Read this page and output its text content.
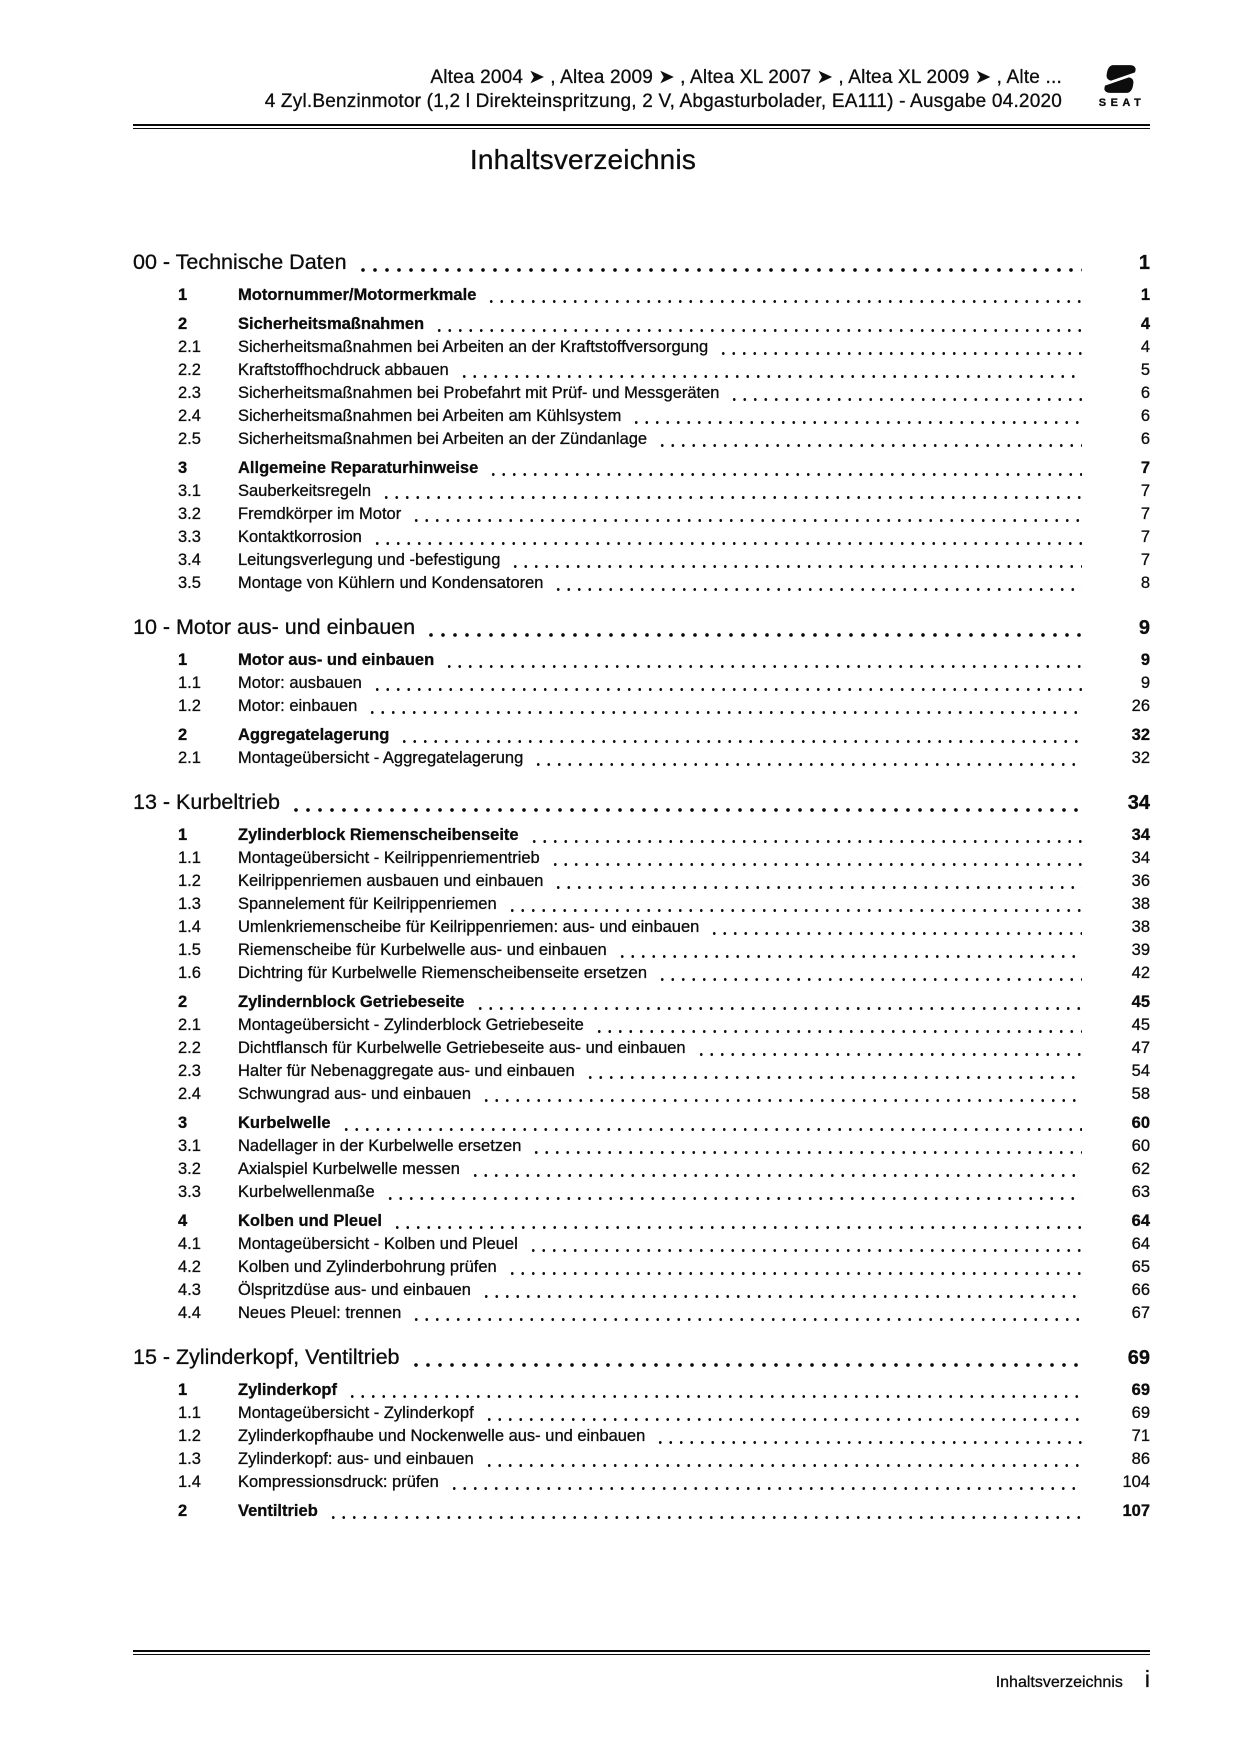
Altea 2004 ➤ , Altea 2009 ➤ , Altea XL 2007 ➤ , Altea XL 2009 ➤ , Alte ...
4 Zyl.Benzinmotor (1,2 l Direkteinspritzung, 2 V, Abgasturbolader, EA111) - Ausgabe 04.2020	SEAT
Inhaltsverzeichnis
00 - Technische Daten	1
1	Motornummer/Motormerkmale	1
2	Sicherheitsmaßnahmen	4
2.1	Sicherheitsmaßnahmen bei Arbeiten an der Kraftstoffversorgung	4
2.2	Kraftstoffhochdruck abbauen	5
2.3	Sicherheitsmaßnahmen bei Probefahrt mit Prüf- und Messgeräten	6
2.4	Sicherheitsmaßnahmen bei Arbeiten am Kühlsystem	6
2.5	Sicherheitsmaßnahmen bei Arbeiten an der Zündanlage	6
3	Allgemeine Reparaturhinweise	7
3.1	Sauberkeitsregeln	7
3.2	Fremdkörper im Motor	7
3.3	Kontaktkorrosion	7
3.4	Leitungsverlegung und -befestigung	7
3.5	Montage von Kühlern und Kondensatoren	8
10 - Motor aus- und einbauen	9
1	Motor aus- und einbauen	9
1.1	Motor: ausbauen	9
1.2	Motor: einbauen	26
2	Aggregatelagerung	32
2.1	Montageübersicht - Aggregatelagerung	32
13 - Kurbeltrieb	34
1	Zylinderblock Riemenscheibenseite	34
1.1	Montageübersicht - Keilrippenriementrieb	34
1.2	Keilrippenriemen ausbauen und einbauen	36
1.3	Spannelement für Keilrippenriemen	38
1.4	Umlenkriemenscheibe für Keilrippenriemen: aus- und einbauen	38
1.5	Riemenscheibe für Kurbelwelle aus- und einbauen	39
1.6	Dichtring für Kurbelwelle Riemenscheibenseite ersetzen	42
2	Zylindernblock Getriebeseite	45
2.1	Montageübersicht - Zylinderblock Getriebeseite	45
2.2	Dichtflansch für Kurbelwelle Getriebeseite aus- und einbauen	47
2.3	Halter für Nebenaggregate aus- und einbauen	54
2.4	Schwungrad aus- und einbauen	58
3	Kurbelwelle	60
3.1	Nadellager in der Kurbelwelle ersetzen	60
3.2	Axialspiel Kurbelwelle messen	62
3.3	Kurbelwellenmaße	63
4	Kolben und Pleuel	64
4.1	Montageübersicht - Kolben und Pleuel	64
4.2	Kolben und Zylinderbohrung prüfen	65
4.3	Ölspritzdüse aus- und einbauen	66
4.4	Neues Pleuel: trennen	67
15 - Zylinderkopf, Ventiltrieb	69
1	Zylinderkopf	69
1.1	Montageübersicht - Zylinderkopf	69
1.2	Zylinderkopfhaube und Nockenwelle aus- und einbauen	71
1.3	Zylinderkopf: aus- und einbauen	86
1.4	Kompressionsdruck: prüfen	104
2	Ventiltrieb	107
Inhaltsverzeichnis i
